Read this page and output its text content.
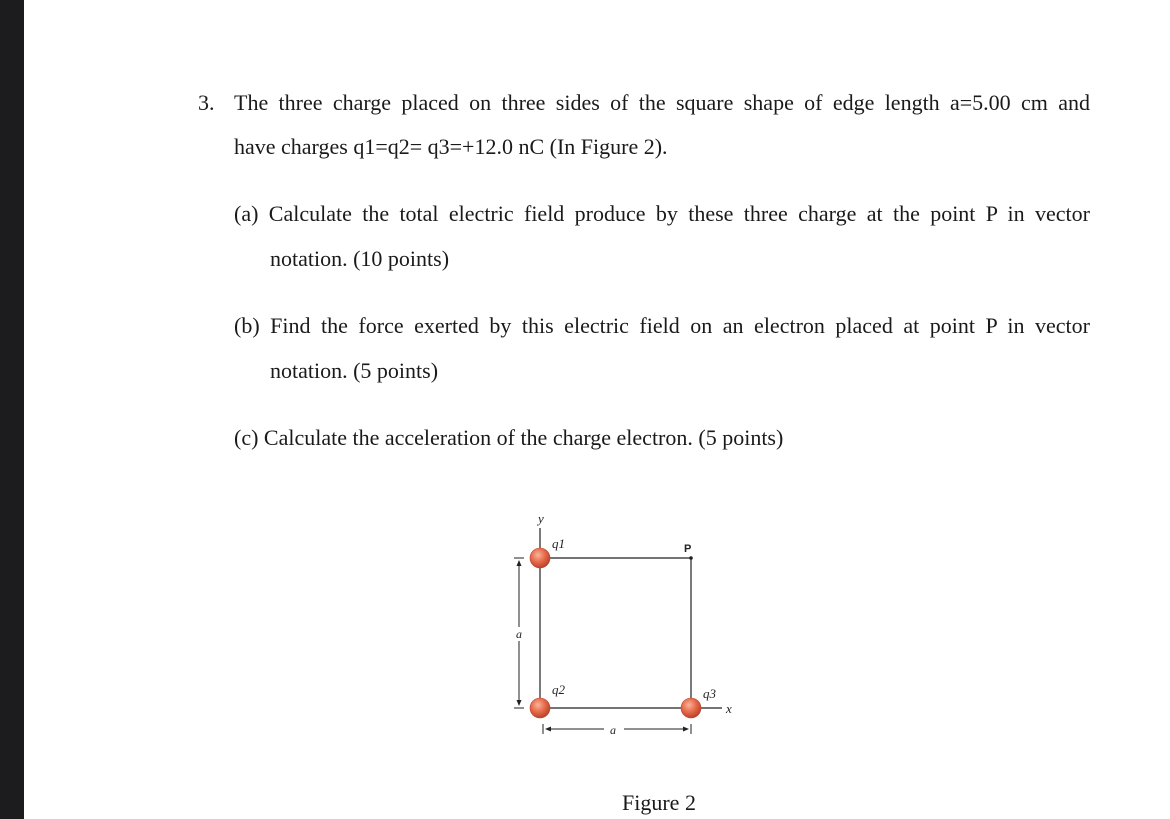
3. The three charge placed on three sides of the square shape of edge length a=5.00 cm and
have charges q1=q2= q3=+12.0 nC (In Figure 2).
(a) Calculate the total electric field produce by these three charge at the point P in vector
notation. (10 points)
(b) Find the force exerted by this electric field on an electron placed at point P in vector
notation. (5 points)
(c) Calculate the acceleration of the charge electron. (5 points)
y
x
q1
q2	q3
P
a
a
Figure 2
